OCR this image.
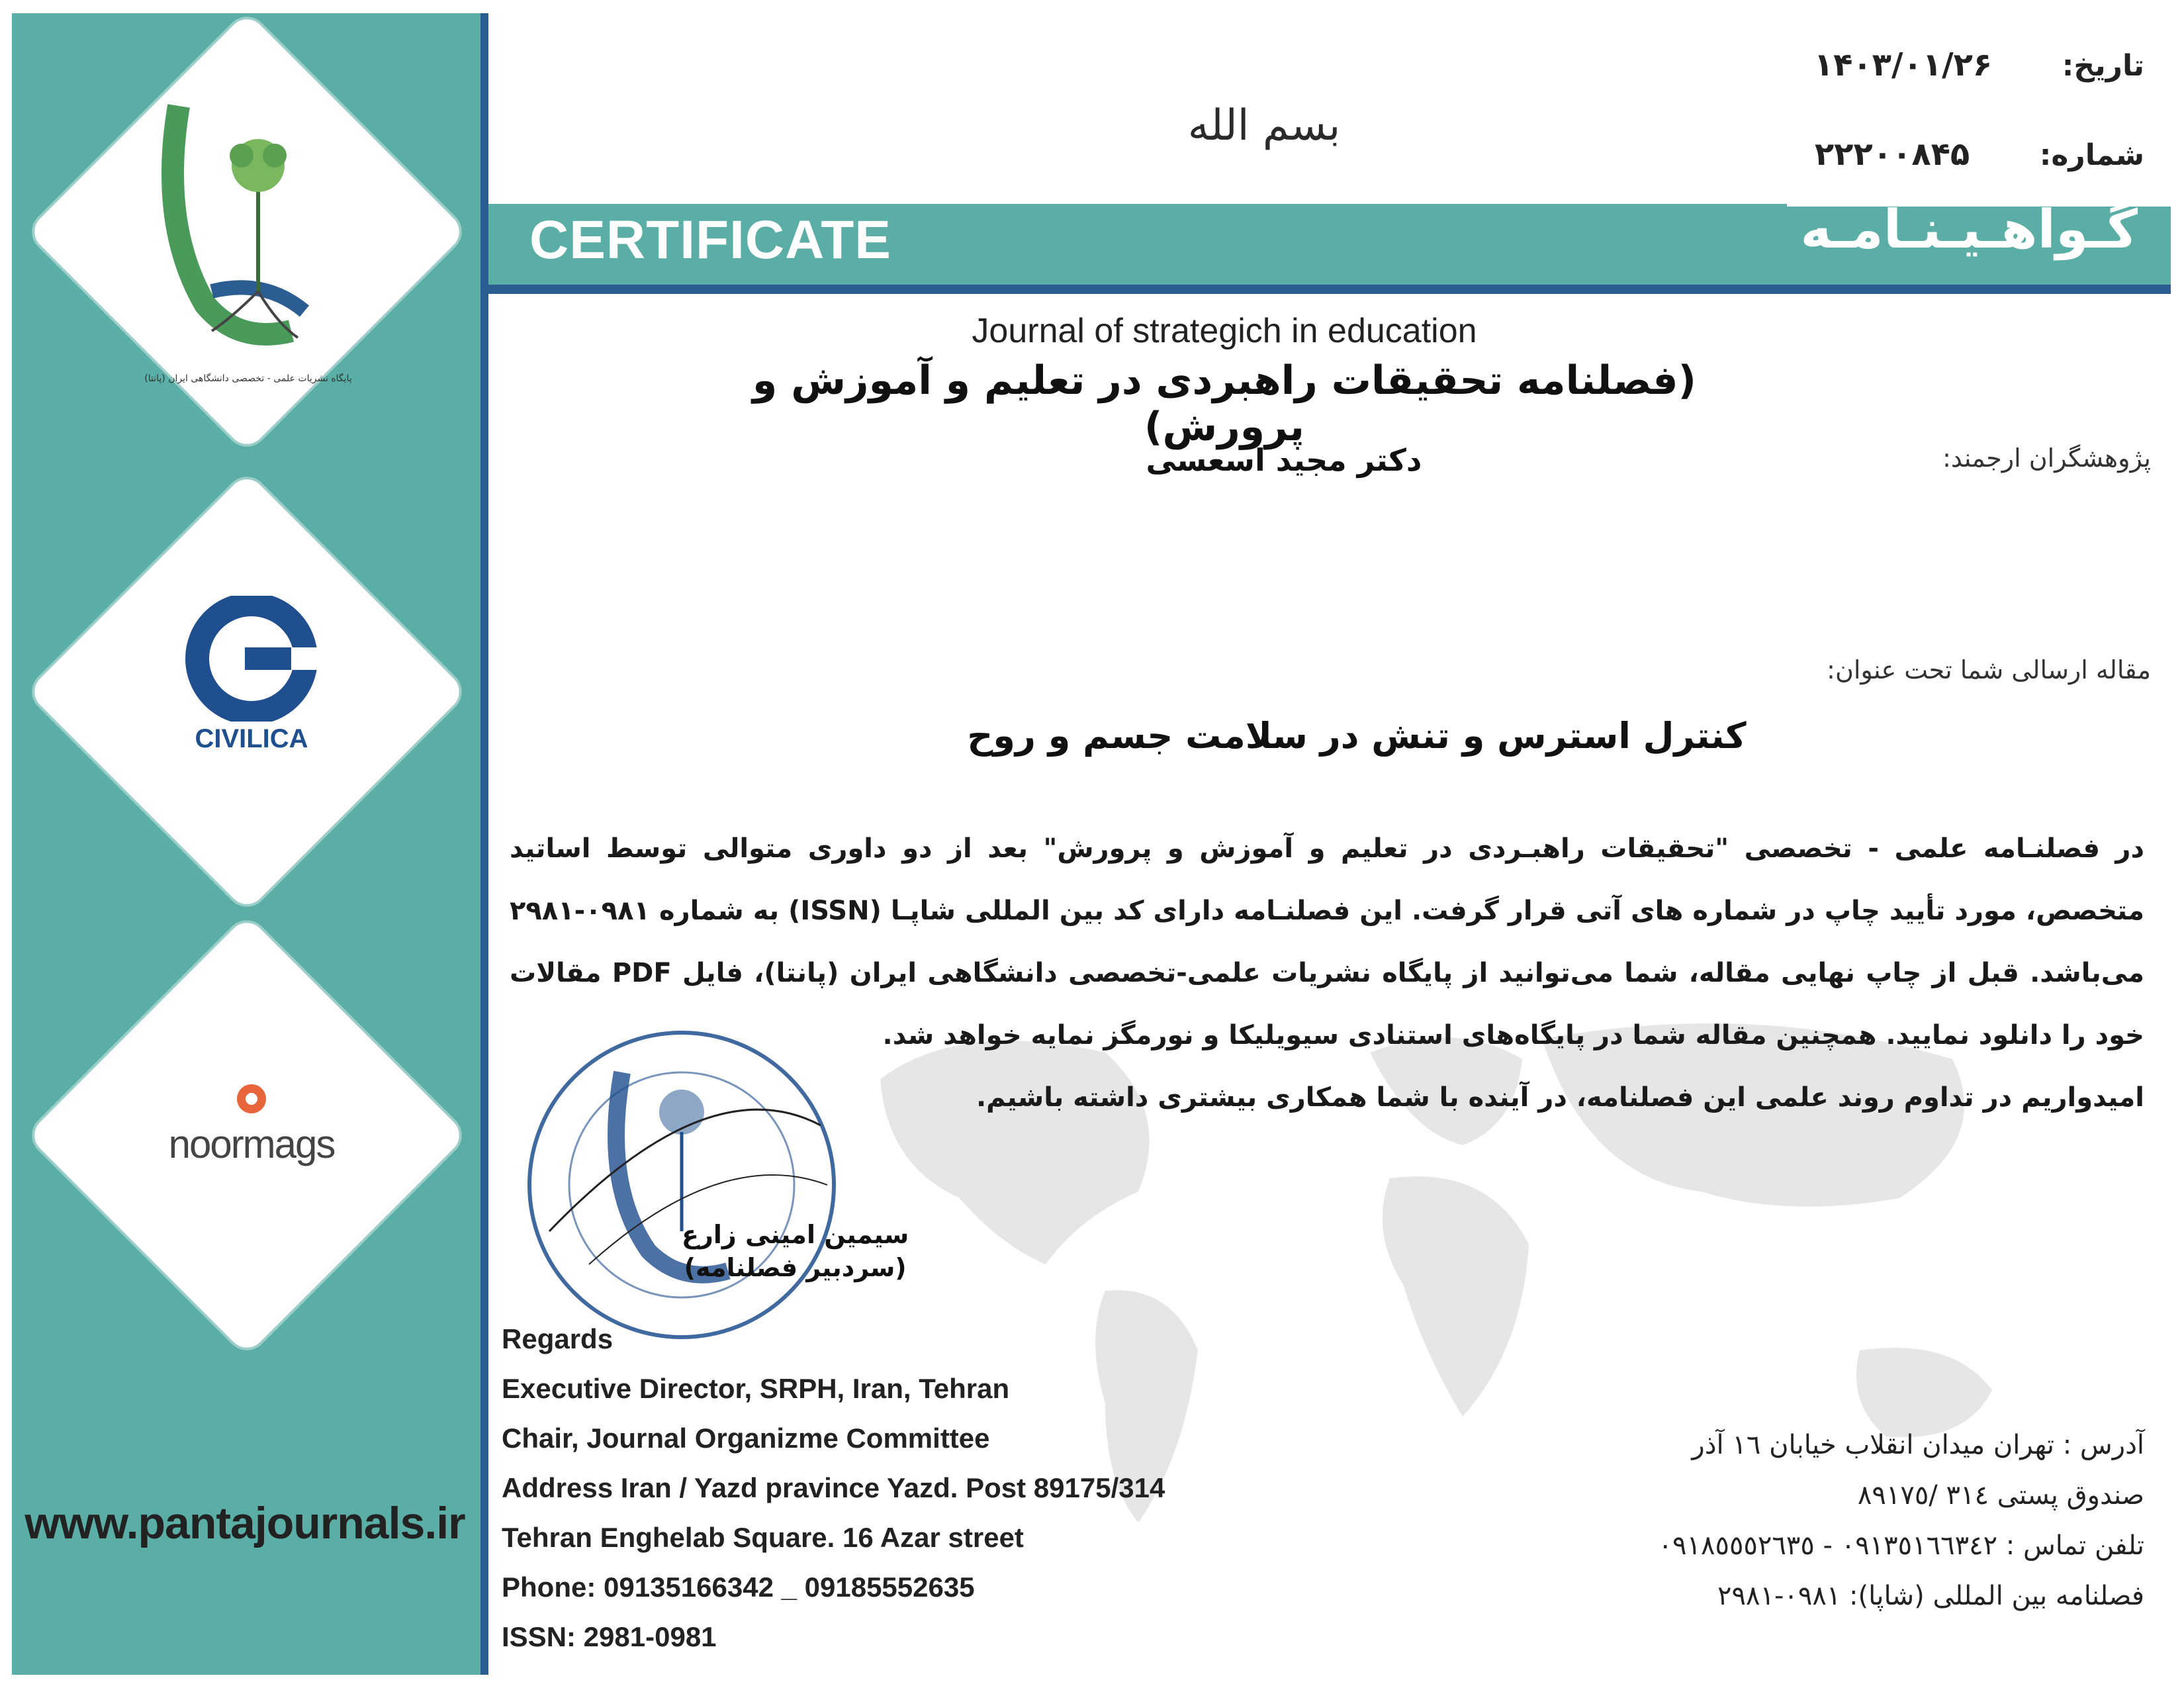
پایگاه نشریات علمی - تخصصی دانشگاهی ایران (پانتا)
CIVILICA
noormags
www.pantajournals.ir
بسم الله
تاریخ: ۱۴۰۳/۰۱/۲۶
شماره: ۲۲۲۰۰۸۴۵
CERTIFICATE	گـواهـیـنـامـه
Journal of strategich in education
(فصلنامه تحقیقات راهبردی در تعلیم و آموزش و پرورش)
پژوهشگران ارجمند:
دکتر مجید اسعسی
مقاله ارسالی شما تحت عنوان:
کنترل استرس و تنش در سلامت جسم و روح

در فصلنـامه علمی - تخصصی "تحقیقات راهبـردی در تعلیم و آموزش و پرورش" بعد از دو داوری متوالی توسط اساتید متخصص، مورد تأیید چاپ در شماره های آتی قرار گرفت. این فصلنـامه دارای کد بین المللی شاپـا (ISSN) به شماره ۰۹۸۱-۲۹۸۱ می‌باشد. قبل از چاپ نهایی مقاله، شما می‌توانید از پایگاه نشریات علمی-تخصصی دانشگاهی ایران (پانتا)، فایل PDF مقالات خود را دانلود نمایید. همچنین مقاله شما در پایگاه‌های استنادی سیویلیکا و نورمگز نمایه خواهد شد.

امیدواریم در تداوم روند علمی این فصلنامه، در آینده با شما همکاری بیشتری داشته باشیم.

سیمین امینی زارع
(سردبیر فصلنامه)
Regards
Executive Director, SRPH, Iran, Tehran
Chair, Journal Organizme Committee
Address Iran / Yazd pravince Yazd. Post 89175/314
Tehran Enghelab Square. 16 Azar street
Phone: 09135166342 _ 09185552635
ISSN: 2981-0981
آدرس : تهران میدان انقلاب خیابان ١٦ آذر
صندوق پستی ٣١٤ /٨٩١٧٥
تلفن تماس : ٠٩١٣٥١٦٦٣٤٢ - ٠٩١٨٥٥٥٢٦٣٥
فصلنامه بین المللی (شاپا): ٠٩٨١-٢٩٨١
